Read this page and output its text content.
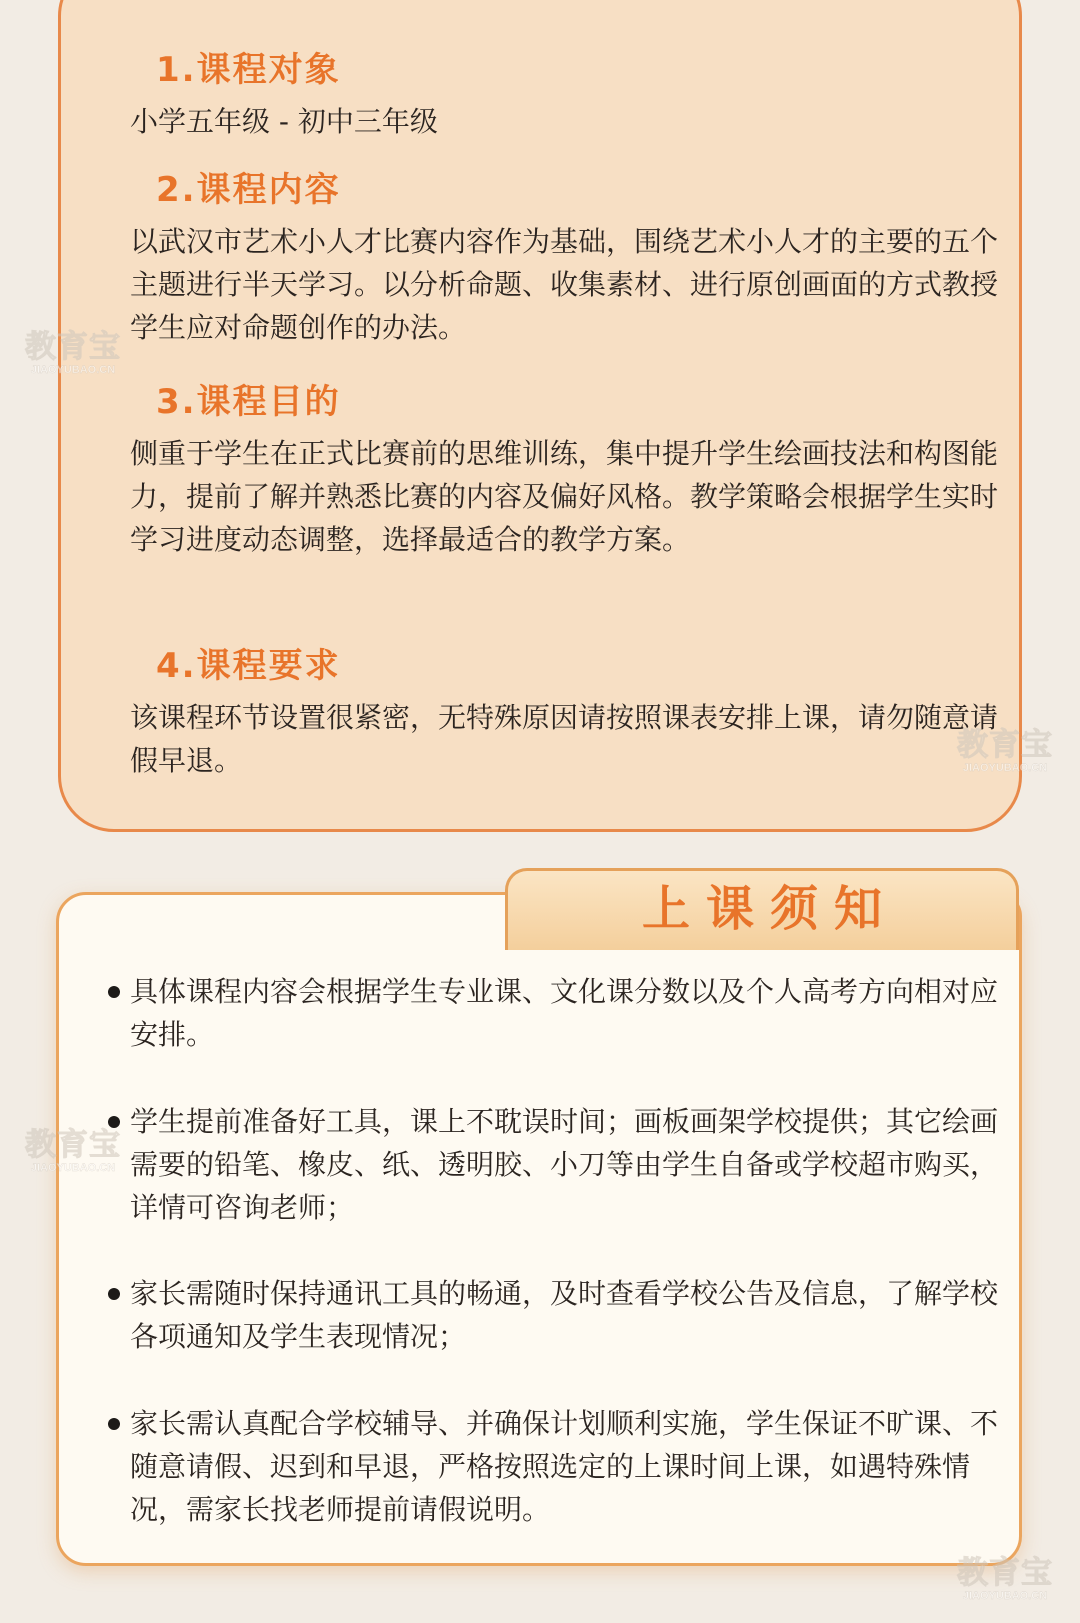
1.课程对象
小学五年级 - 初中三年级
2.课程内容
以武汉市艺术小人才比赛内容作为基础，围绕艺术小人才的主要的五个主题进行半天学习。以分析命题、收集素材、进行原创画面的方式教授学生应对命题创作的办法。
3.课程目的
侧重于学生在正式比赛前的思维训练，集中提升学生绘画技法和构图能力，提前了解并熟悉比赛的内容及偏好风格。教学策略会根据学生实时学习进度动态调整，选择最适合的教学方案。
4.课程要求
该课程环节设置很紧密，无特殊原因请按照课表安排上课，请勿随意请假早退。
上课须知
具体课程内容会根据学生专业课、文化课分数以及个人高考方向相对应安排。
学生提前准备好工具，课上不耽误时间；画板画架学校提供；其它绘画需要的铅笔、橡皮、纸、透明胶、小刀等由学生自备或学校超市购买，详情可咨询老师；
家长需随时保持通讯工具的畅通，及时查看学校公告及信息，了解学校各项通知及学生表现情况；
家长需认真配合学校辅导、并确保计划顺利实施，学生保证不旷课、不随意请假、迟到和早退，严格按照选定的上课时间上课，如遇特殊情况，需家长找老师提前请假说明。
教育宝
JIAOYUBAO.CN
教育宝
JIAOYUBAO.CN
教育宝
JIAOYUBAO.CN
教育宝
JIAOYUBAO.CN
